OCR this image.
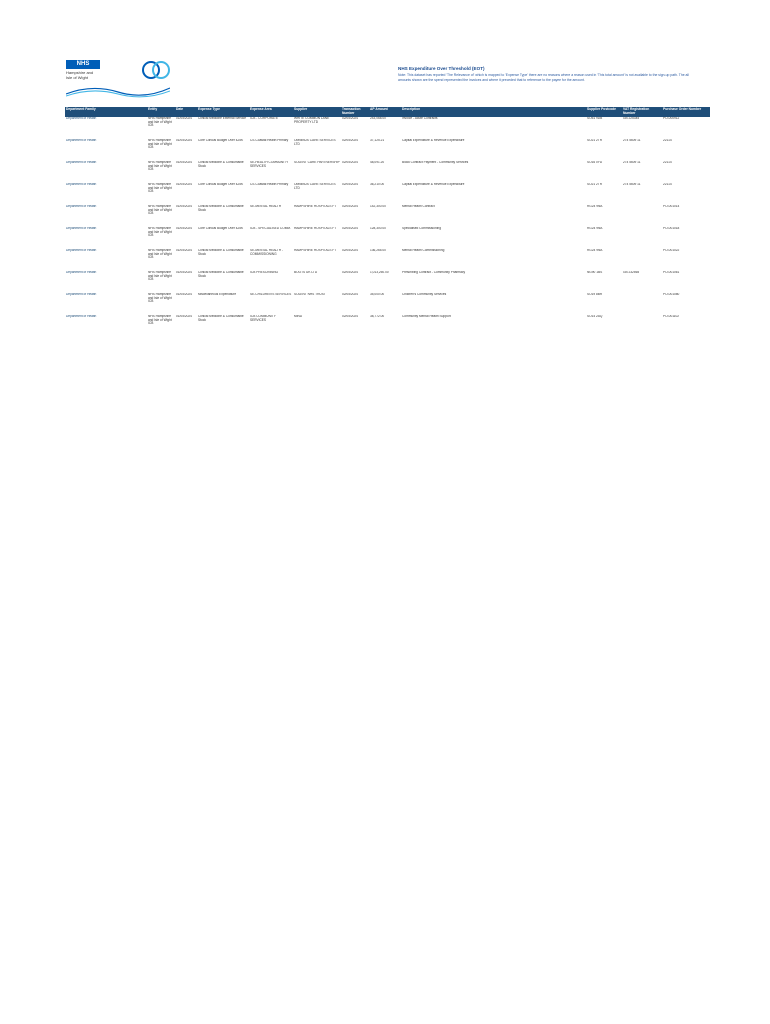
NHS
Hampshire and
Isle of Wight
NHS Expenditure Over Threshold (EOT)
Note: This dataset has reported 'The Relevance of' which is mapped to 'Expense Type' there are no reasons where a reason used in 'This total amount' is not available to the sign-up path. The all amounts shown are the spend represented the invoices and where it preceded that to reference to the payee for the amount.
Department Family	Entity	Date	Expense Type	Expense Area	Supplier	Transaction Number	AP Amount	Description	Supplier Postcode	VAT Registration Number	Purchase Order Number
Department of Health	NHS Hampshire and Isle of Wight ICB	01/05/2024	Clinical Medicine External Service	ICB - CORPORATE	WHITE COMMON LANE PROPERTY LTD	02/05/2024	243,068.00	Invoice - Acute Contracts	SO51 9DB	GB 225345	PO-000912
Department of Health	NHS Hampshire and Isle of Wight ICB	01/05/2024	Core Clinical Budget Over £25K	CS-Coastal Health Primary	OMNIBUS CARE SERVICES LTD	02/05/2024	37,125.21	Capital Expenditure & Revenue Expenditure	SO21 2TR	274 5609 11	22114
Department of Health	NHS Hampshire and Isle of Wight ICB	01/05/2024	Clinical Medicine & Consumable Stock	SE-HEALTH COMMUNITY SERVICES	SOLENT CARE PARTNERSHIP	02/05/2024	48,091.20	Block Contract Payment - Community Services	SO16 0YD	274 5609 11	22114
Department of Health	NHS Hampshire and Isle of Wight ICB	01/05/2024	Core Clinical Budget Over £25K	CS-Coastal Health Primary	OMNIBUS CARE SERVICES LTD	02/05/2024	36,210.00	Capital Expenditure & Revenue Expenditure	SO21 2TR	274 5609 11	22114
Department of Health	NHS Hampshire and Isle of Wight ICB	01/05/2024	Clinical Medicine & Consumable Stock	SE-MENTAL HEALTH	HAMPSHIRE HOSPITALS FT	02/05/2024	142,300.00	Mental Health Contract	RG24 9NA		PO-001014
Department of Health	NHS Hampshire and Isle of Wight ICB	01/05/2024	Core Clinical Budget Over £25K	ICB - SPECIALISED COMM.	HAMPSHIRE HOSPITALS FT	02/05/2024	128,300.00	Specialised Commissioning	RG24 9NA		PO-001018
Department of Health	NHS Hampshire and Isle of Wight ICB	01/05/2024	Clinical Medicine & Consumable Stock	SE-MENTAL HEALTH - COMMISSIONING	HAMPSHIRE HOSPITALS FT	02/05/2024	136,265.00	Mental Health Commissioning	RG24 9NA		PO-001022
Department of Health	NHS Hampshire and Isle of Wight ICB	01/05/2024	Clinical Medicine & Consumable Stock	ICB PRESCRIBING	BOOTS UK LTD	02/05/2024	1,013,250.00	Prescribing Contract - Community Pharmacy	NG90 1BS	GB 232565	PO-001061
Department of Health	NHS Hampshire and Isle of Wight ICB	01/05/2024	Miscellaneous Expenditure	SE-CHILDREN'S SERVICES	SOLENT NHS TRUST	02/05/2024	35,000.00	Children's Community Services	SO19 8BR		PO-001080
Department of Health	NHS Hampshire and Isle of Wight ICB	01/05/2024	Clinical Medicine & Consumable Stock	ICB COMMUNITY SERVICES	MIND	02/05/2024	38,772.00	Community Mental Health Support	SO14 2AQ		PO-001102
